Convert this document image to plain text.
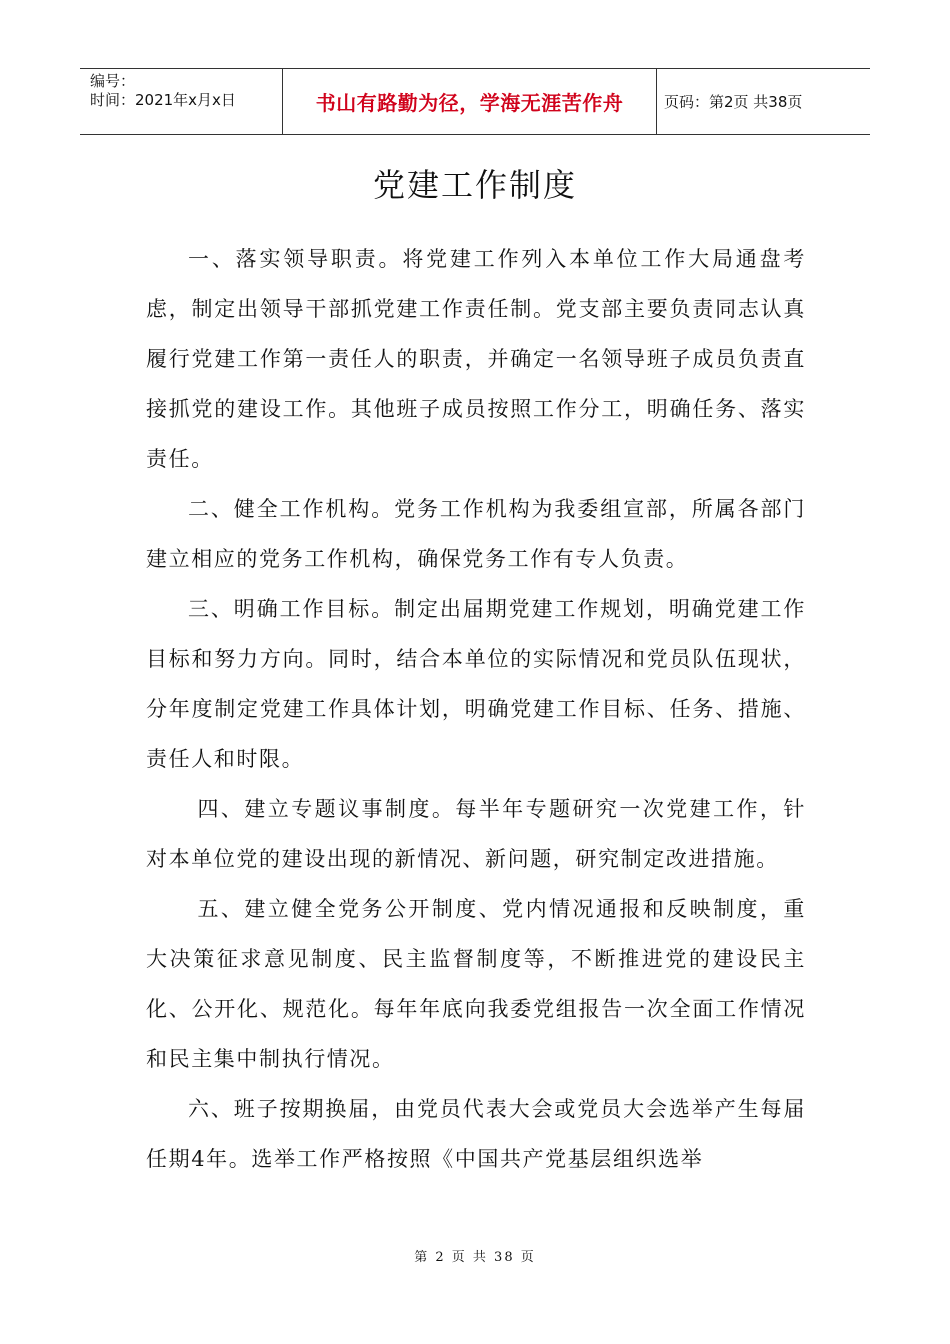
编号：
时间：2021年x月x日	书山有路勤为径，学海无涯苦作舟	页码：第2页 共38页
党建工作制度

一、落实领导职责。将党建工作列入本单位工作大局通盘考虑，制定出领导干部抓党建工作责任制。党支部主要负责同志认真履行党建工作第一责任人的职责，并确定一名领导班子成员负责直接抓党的建设工作。其他班子成员按照工作分工，明确任务、落实责任。

二、健全工作机构。党务工作机构为我委组宣部，所属各部门建立相应的党务工作机构，确保党务工作有专人负责。

三、明确工作目标。制定出届期党建工作规划，明确党建工作目标和努力方向。同时，结合本单位的实际情况和党员队伍现状，分年度制定党建工作具体计划，明确党建工作目标、任务、措施、责任人和时限。

四、建立专题议事制度。每半年专题研究一次党建工作，针对本单位党的建设出现的新情况、新问题，研究制定改进措施。

五、建立健全党务公开制度、党内情况通报和反映制度，重大决策征求意见制度、民主监督制度等，不断推进党的建设民主化、公开化、规范化。每年年底向我委党组报告一次全面工作情况和民主集中制执行情况。

六、班子按期换届，由党员代表大会或党员大会选举产生每届任期4年。选举工作严格按照《中国共产党基层组织选举

第 2 页 共 38 页
